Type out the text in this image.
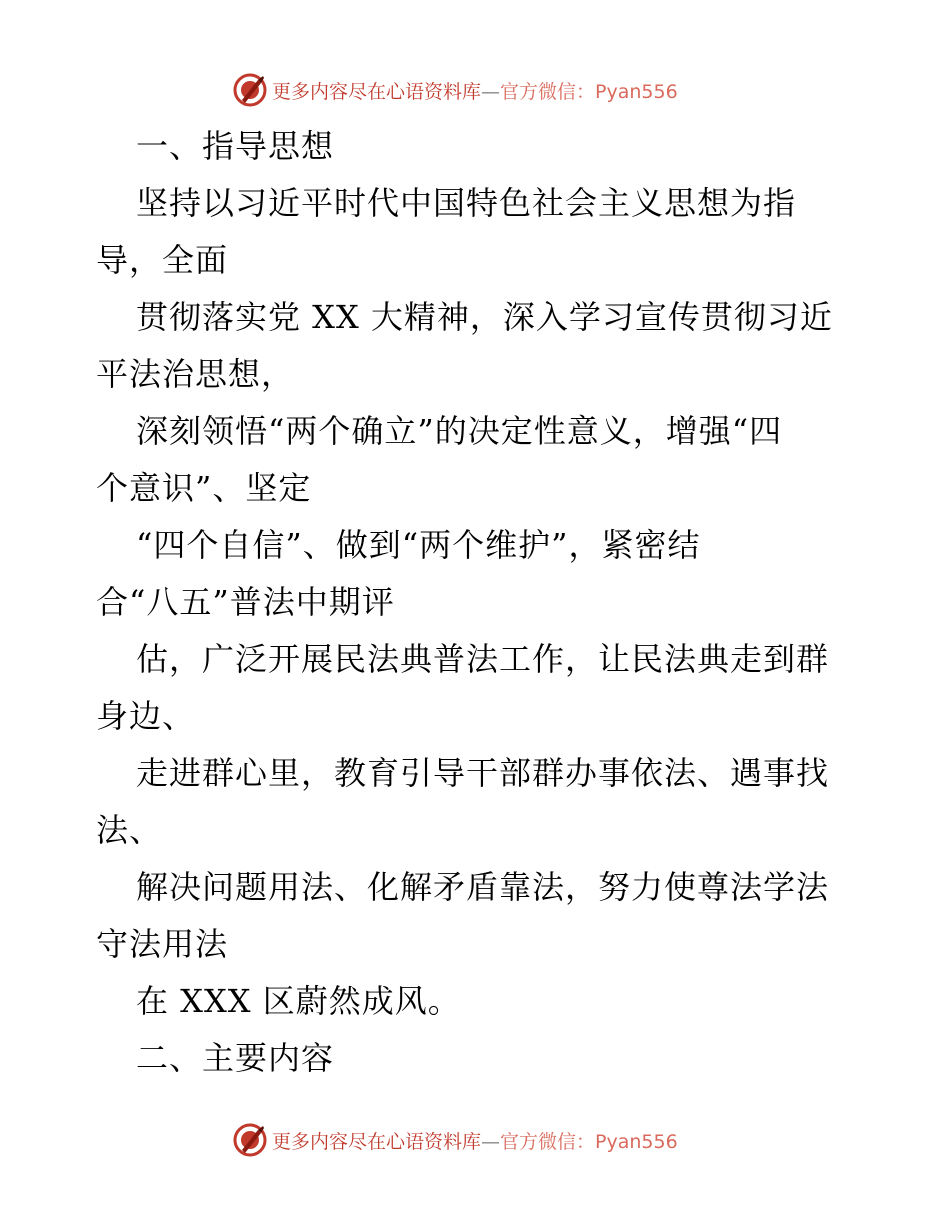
更多内容尽在心语资料库—官方微信：Pyan556
一、指导思想
坚持以习近平时代中国特色社会主义思想为指
导，全面
贯彻落实党 XX 大精神，深入学习宣传贯彻习近
平法治思想，
深刻领悟“两个确立”的决定性意义，增强“四
个意识”、坚定
“四个自信”、做到“两个维护”，紧密结
合“八五”普法中期评
估，广泛开展民法典普法工作，让民法典走到群
身边、
走进群心里，教育引导干部群办事依法、遇事找
法、
解决问题用法、化解矛盾靠法，努力使尊法学法
守法用法
在 XXX 区蔚然成风。
二、主要内容
更多内容尽在心语资料库—官方微信：Pyan556
